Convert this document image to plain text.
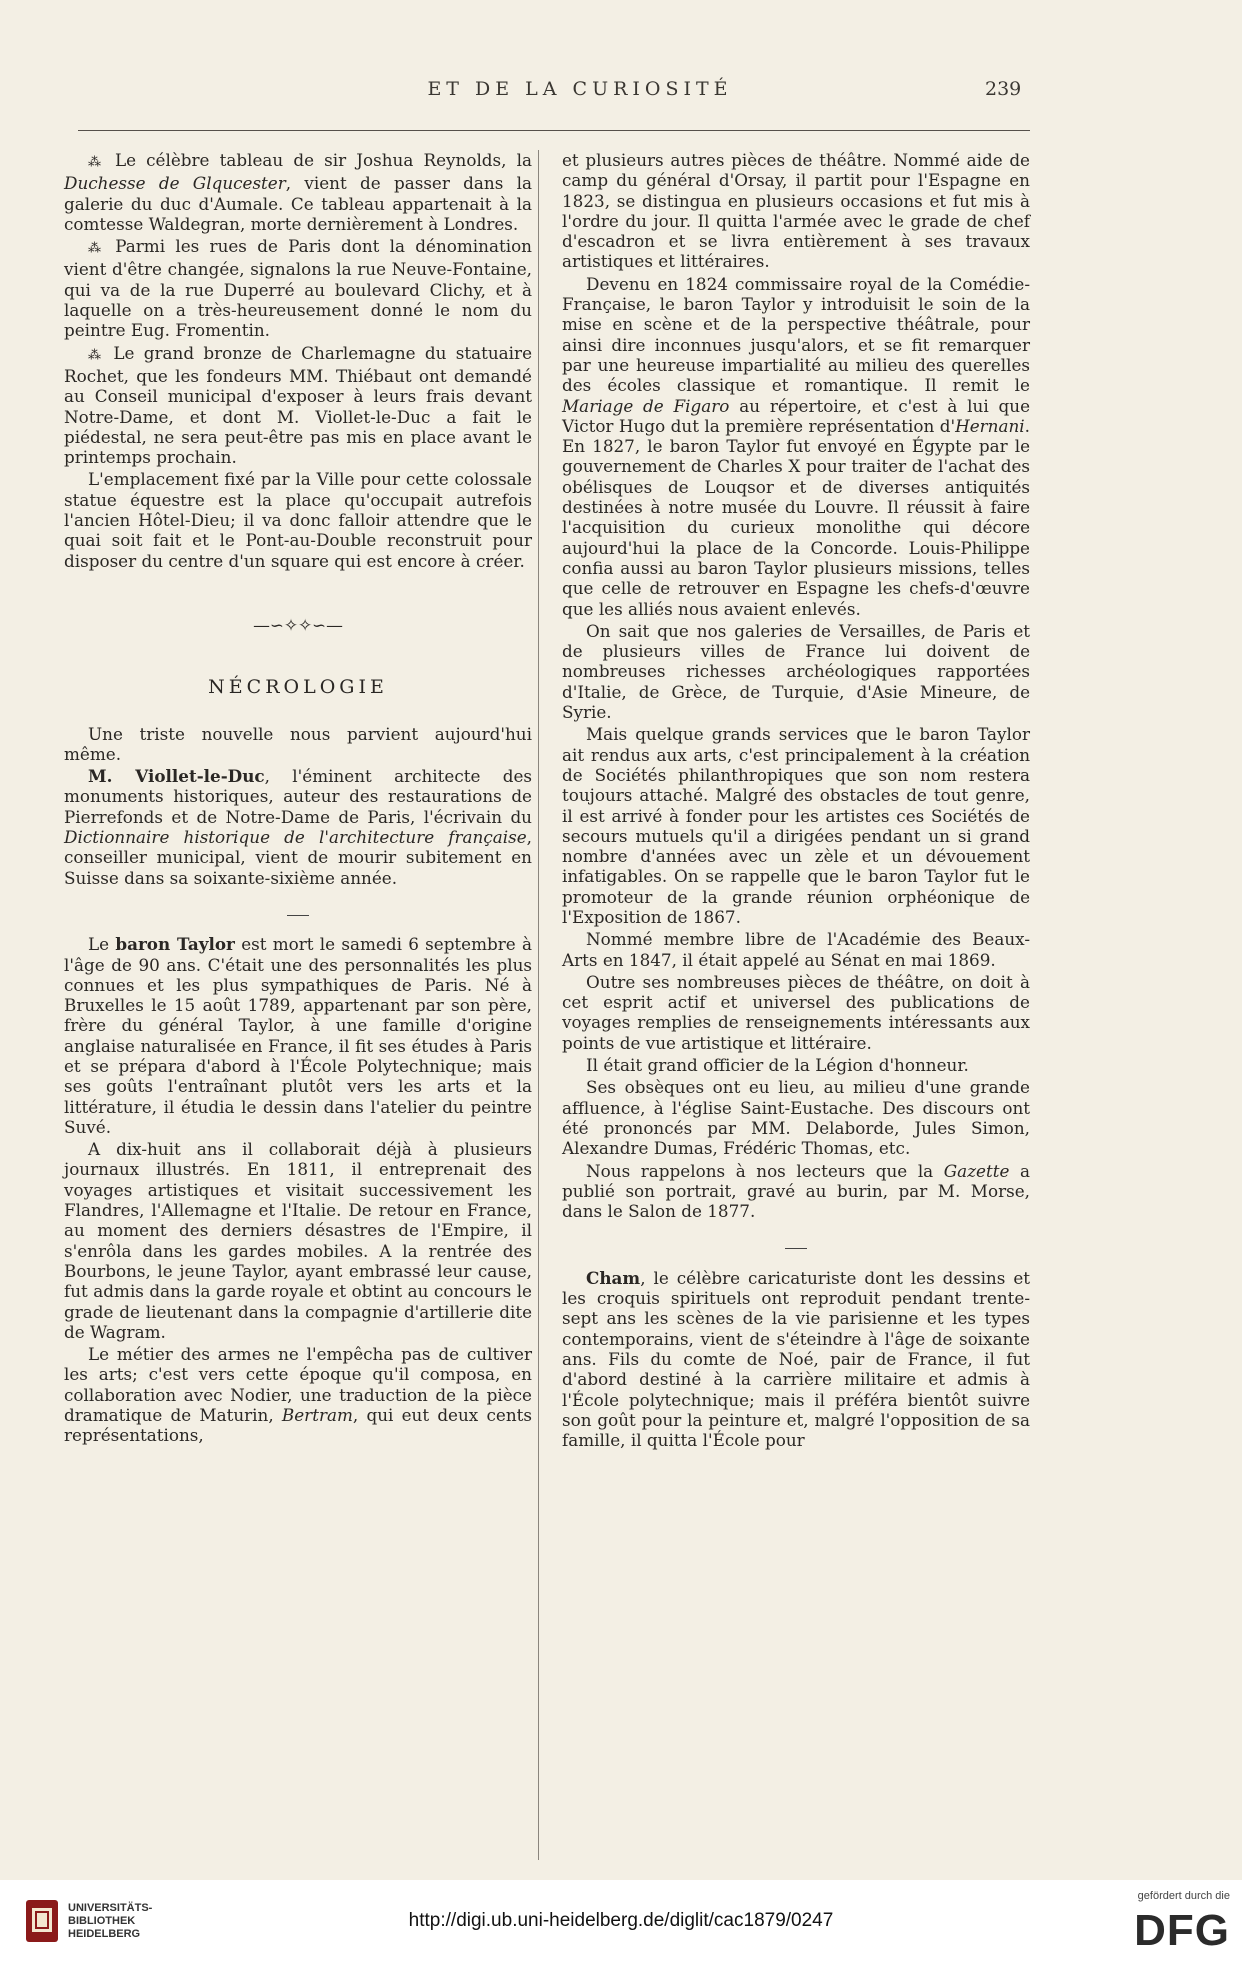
ET DE LA CURIOSITÉ	239

⁂ Le célèbre tableau de sir Joshua Reynolds, la Duchesse de Glqucester, vient de passer dans la galerie du duc d'Aumale. Ce tableau appartenait à la comtesse Waldegran, morte dernièrement à Londres.

⁂ Parmi les rues de Paris dont la dénomination vient d'être changée, signalons la rue Neuve-Fontaine, qui va de la rue Duperré au boulevard Clichy, et à laquelle on a très-heureusement donné le nom du peintre Eug. Fromentin.

⁂ Le grand bronze de Charlemagne du statuaire Rochet, que les fondeurs MM. Thiébaut ont demandé au Conseil municipal d'exposer à leurs frais devant Notre-Dame, et dont M. Viollet-le-Duc a fait le piédestal, ne sera peut-être pas mis en place avant le printemps prochain.

L'emplacement fixé par la Ville pour cette colossale statue équestre est la place qu'occupait autrefois l'ancien Hôtel-Dieu; il va donc falloir attendre que le quai soit fait et le Pont-au-Double reconstruit pour disposer du centre d'un square qui est encore à créer.

—∽✧✧∽—
NÉCROLOGIE

Une triste nouvelle nous parvient aujourd'hui même.

M. Viollet-le-Duc, l'éminent architecte des monuments historiques, auteur des restaurations de Pierrefonds et de Notre-Dame de Paris, l'écrivain du Dictionnaire historique de l'architecture française, conseiller municipal, vient de mourir subitement en Suisse dans sa soixante-sixième année.

Le baron Taylor est mort le samedi 6 septembre à l'âge de 90 ans. C'était une des personnalités les plus connues et les plus sympathiques de Paris. Né à Bruxelles le 15 août 1789, appartenant par son père, frère du général Taylor, à une famille d'origine anglaise naturalisée en France, il fit ses études à Paris et se prépara d'abord à l'École Polytechnique; mais ses goûts l'entraînant plutôt vers les arts et la littérature, il étudia le dessin dans l'atelier du peintre Suvé.

A dix-huit ans il collaborait déjà à plusieurs journaux illustrés. En 1811, il entreprenait des voyages artistiques et visitait successivement les Flandres, l'Allemagne et l'Italie. De retour en France, au moment des derniers désastres de l'Empire, il s'enrôla dans les gardes mobiles. A la rentrée des Bourbons, le jeune Taylor, ayant embrassé leur cause, fut admis dans la garde royale et obtint au concours le grade de lieutenant dans la compagnie d'artillerie dite de Wagram.

Le métier des armes ne l'empêcha pas de cultiver les arts; c'est vers cette époque qu'il composa, en collaboration avec Nodier, une traduction de la pièce dramatique de Maturin, Bertram, qui eut deux cents représentations,

et plusieurs autres pièces de théâtre. Nommé aide de camp du général d'Orsay, il partit pour l'Espagne en 1823, se distingua en plusieurs occasions et fut mis à l'ordre du jour. Il quitta l'armée avec le grade de chef d'escadron et se livra entièrement à ses travaux artistiques et littéraires.

Devenu en 1824 commissaire royal de la Comédie-Française, le baron Taylor y introduisit le soin de la mise en scène et de la perspective théâtrale, pour ainsi dire inconnues jusqu'alors, et se fit remarquer par une heureuse impartialité au milieu des querelles des écoles classique et romantique. Il remit le Mariage de Figaro au répertoire, et c'est à lui que Victor Hugo dut la première représentation d'Hernani. En 1827, le baron Taylor fut envoyé en Égypte par le gouvernement de Charles X pour traiter de l'achat des obélisques de Louqsor et de diverses antiquités destinées à notre musée du Louvre. Il réussit à faire l'acquisition du curieux monolithe qui décore aujourd'hui la place de la Concorde. Louis-Philippe confia aussi au baron Taylor plusieurs missions, telles que celle de retrouver en Espagne les chefs-d'œuvre que les alliés nous avaient enlevés.

On sait que nos galeries de Versailles, de Paris et de plusieurs villes de France lui doivent de nombreuses richesses archéologiques rapportées d'Italie, de Grèce, de Turquie, d'Asie Mineure, de Syrie.

Mais quelque grands services que le baron Taylor ait rendus aux arts, c'est principalement à la création de Sociétés philanthropiques que son nom restera toujours attaché. Malgré des obstacles de tout genre, il est arrivé à fonder pour les artistes ces Sociétés de secours mutuels qu'il a dirigées pendant un si grand nombre d'années avec un zèle et un dévouement infatigables. On se rappelle que le baron Taylor fut le promoteur de la grande réunion orphéonique de l'Exposition de 1867.

Nommé membre libre de l'Académie des Beaux-Arts en 1847, il était appelé au Sénat en mai 1869.

Outre ses nombreuses pièces de théâtre, on doit à cet esprit actif et universel des publications de voyages remplies de renseignements intéressants aux points de vue artistique et littéraire.

Il était grand officier de la Légion d'honneur.

Ses obsèques ont eu lieu, au milieu d'une grande affluence, à l'église Saint-Eustache. Des discours ont été prononcés par MM. Delaborde, Jules Simon, Alexandre Dumas, Frédéric Thomas, etc.

Nous rappelons à nos lecteurs que la Gazette a publié son portrait, gravé au burin, par M. Morse, dans le Salon de 1877.

Cham, le célèbre caricaturiste dont les dessins et les croquis spirituels ont reproduit pendant trente-sept ans les scènes de la vie parisienne et les types contemporains, vient de s'éteindre à l'âge de soixante ans. Fils du comte de Noé, pair de France, il fut d'abord destiné à la carrière militaire et admis à l'École polytechnique; mais il préféra bientôt suivre son goût pour la peinture et, malgré l'opposition de sa famille, il quitta l'École pour

UNIVERSITÄTS-
BIBLIOTHEK
HEIDELBERG
http://digi.ub.uni-heidelberg.de/diglit/cac1879/0247
gefördert durch die
DFG
